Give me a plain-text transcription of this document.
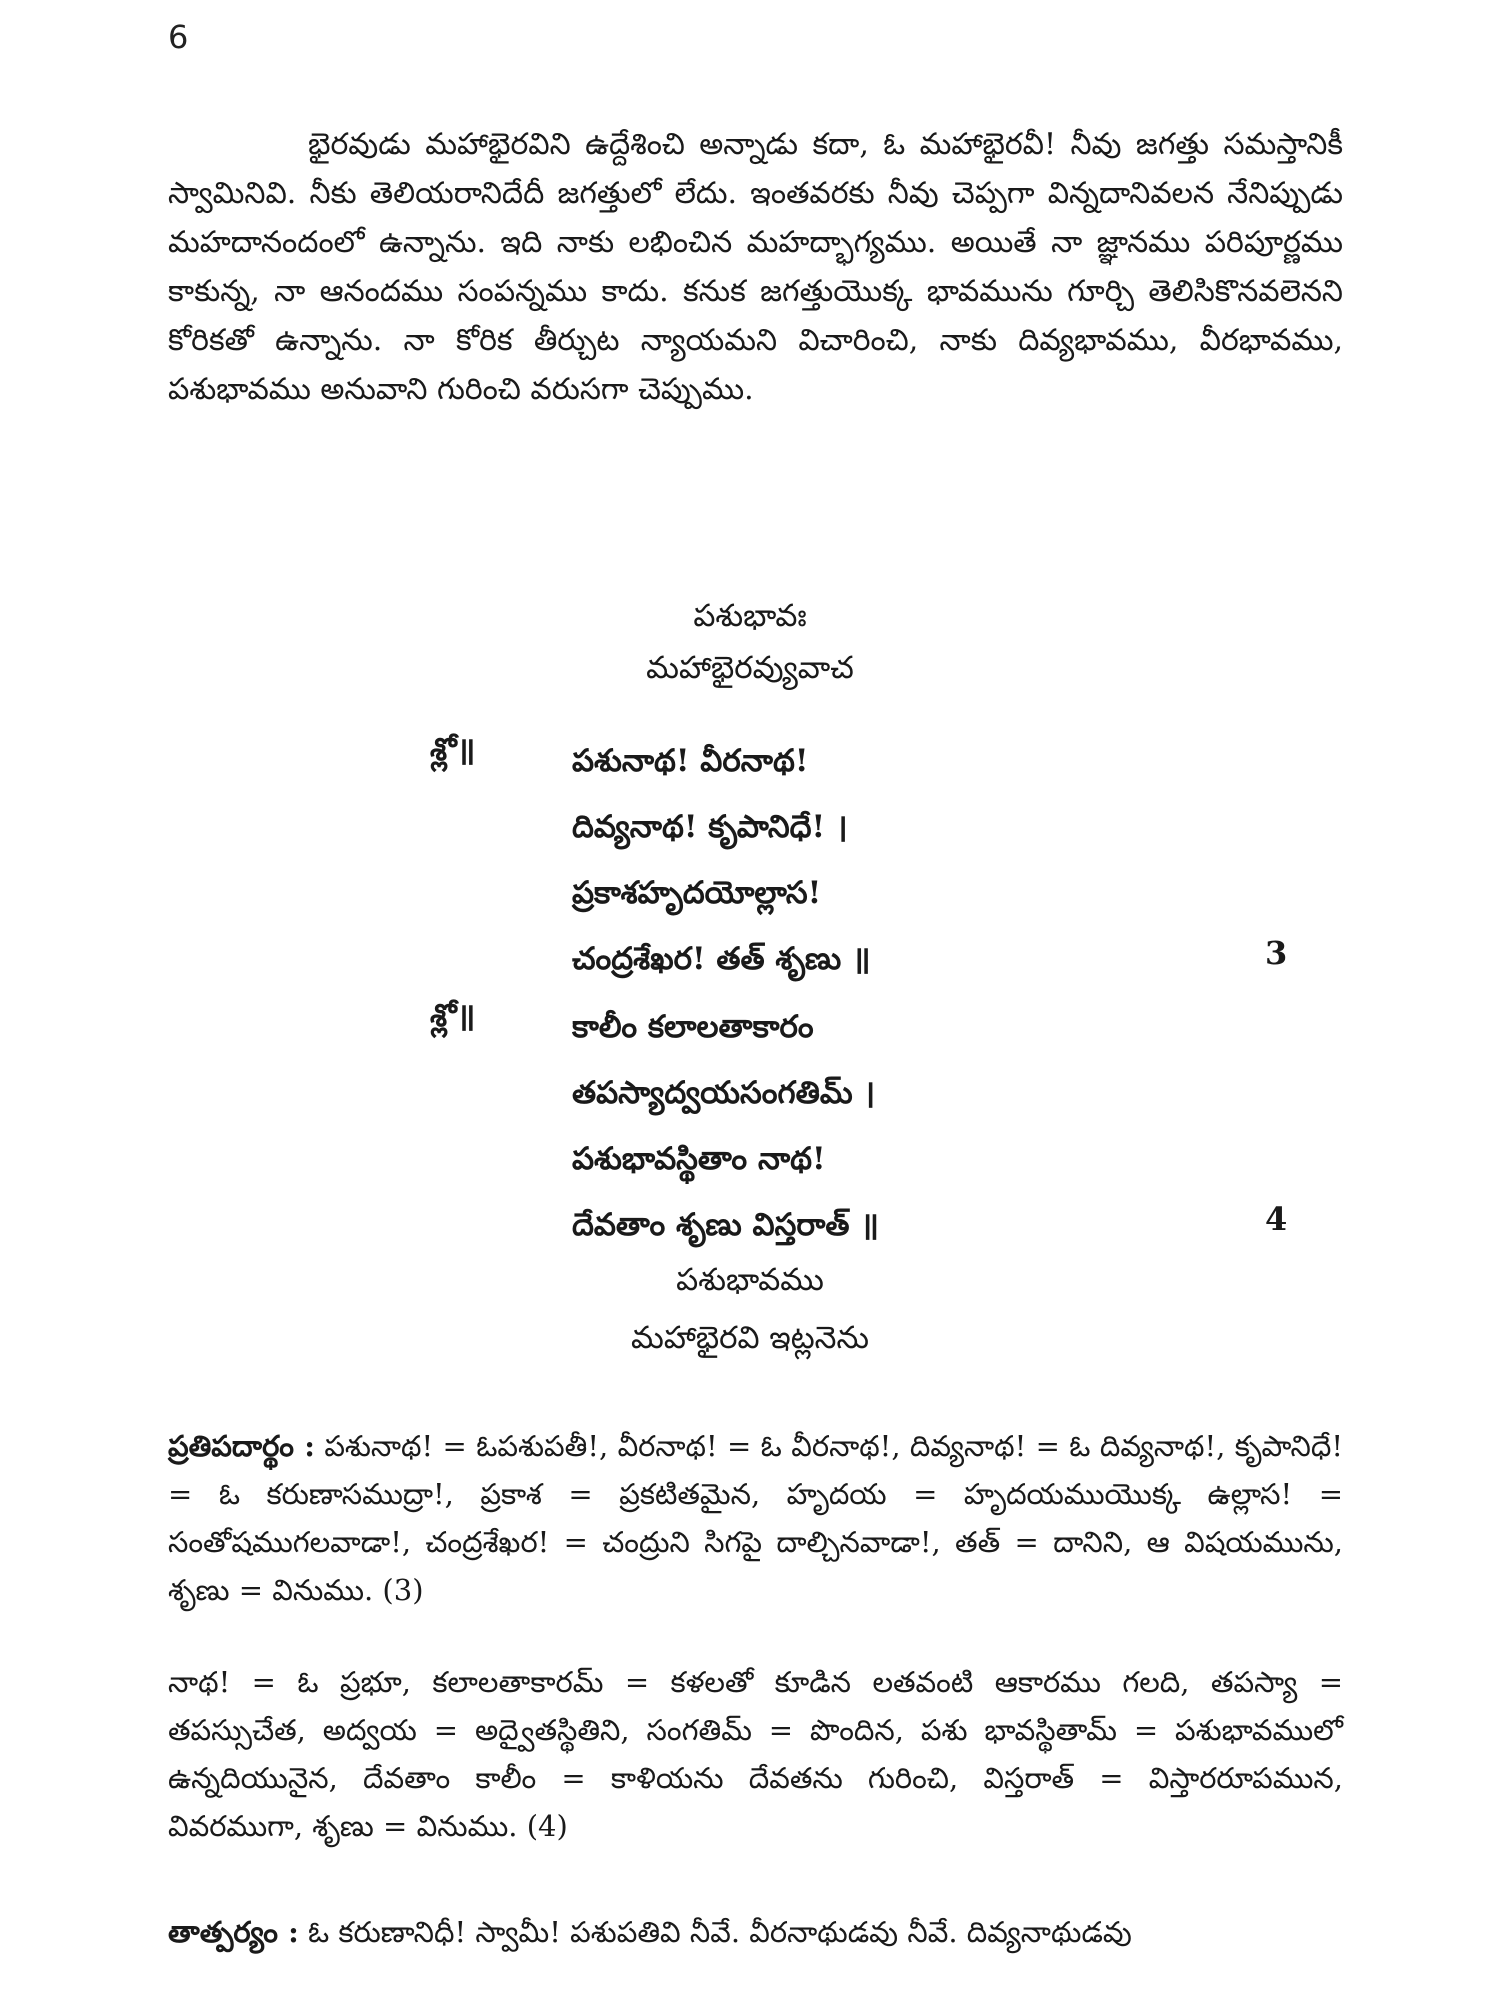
6

భైరవుడు మహాభైరవిని ఉద్దేశించి అన్నాడు కదా, ఓ మహాభైరవీ! నీవు జగత్తు సమస్తానికీ స్వామినివి. నీకు తెలియరానిదేదీ జగత్తులో లేదు. ఇంతవరకు నీవు చెప్పగా విన్నదానివలన నేనిప్పుడు మహదానందంలో ఉన్నాను. ఇది నాకు లభించిన మహద్భాగ్యము. అయితే నా జ్ఞానము పరిపూర్ణము కాకున్న, నా ఆనందము సంపన్నము కాదు. కనుక జగత్తుయొక్క భావమును గూర్చి తెలిసికొనవలెనని కోరికతో ఉన్నాను. నా కోరిక తీర్చుట న్యాయమని విచారించి, నాకు దివ్యభావము, వీరభావము, పశుభావము అనువాని గురించి వరుసగా చెప్పుము.

పశుభావః
మహాభైరవ్యువాచ
శ్లో॥	పశునాథ! వీరనాథ!
దివ్యనాథ! కృపానిధే! ।
ప్రకాశహృదయోల్లాస!
చంద్రశేఖర! తత్ శృణు ॥	3
శ్లో॥	కాలీం కలాలతాకారం
తపస్యాద్వయసంగతిమ్ ।
పశుభావస్థితాం నాథ!
దేవతాం శృణు విస్తరాత్ ॥	4
పశుభావము
మహాభైరవి ఇట్లనెను

ప్రతిపదార్థం : పశునాథ! = ఓపశుపతీ!, వీరనాథ! = ఓ వీరనాథ!, దివ్యనాథ! = ఓ దివ్యనాథ!, కృపానిధే! = ఓ కరుణాసముద్రా!, ప్రకాశ = ప్రకటితమైన, హృదయ = హృదయముయొక్క ఉల్లాస! = సంతోషముగలవాడా!, చంద్రశేఖర! = చంద్రుని సిగపై దాల్చినవాడా!, తత్ = దానిని, ఆ విషయమును, శృణు = వినుము. (3)

నాథ! = ఓ ప్రభూ, కలాలతాకారమ్ = కళలతో కూడిన లతవంటి ఆకారము గలది, తపస్యా = తపస్సుచేత, అద్వయ = అద్వైతస్థితిని, సంగతిమ్ = పొందిన, పశు భావస్థితామ్ = పశుభావములో ఉన్నదియునైన, దేవతాం కాలీం = కాళియను దేవతను గురించి, విస్తరాత్ = విస్తారరూపమున, వివరముగా, శృణు = వినుము. (4)

తాత్పర్యం : ఓ కరుణానిధీ! స్వామీ! పశుపతివి నీవే. వీరనాథుడవు నీవే. దివ్యనాథుడవు
